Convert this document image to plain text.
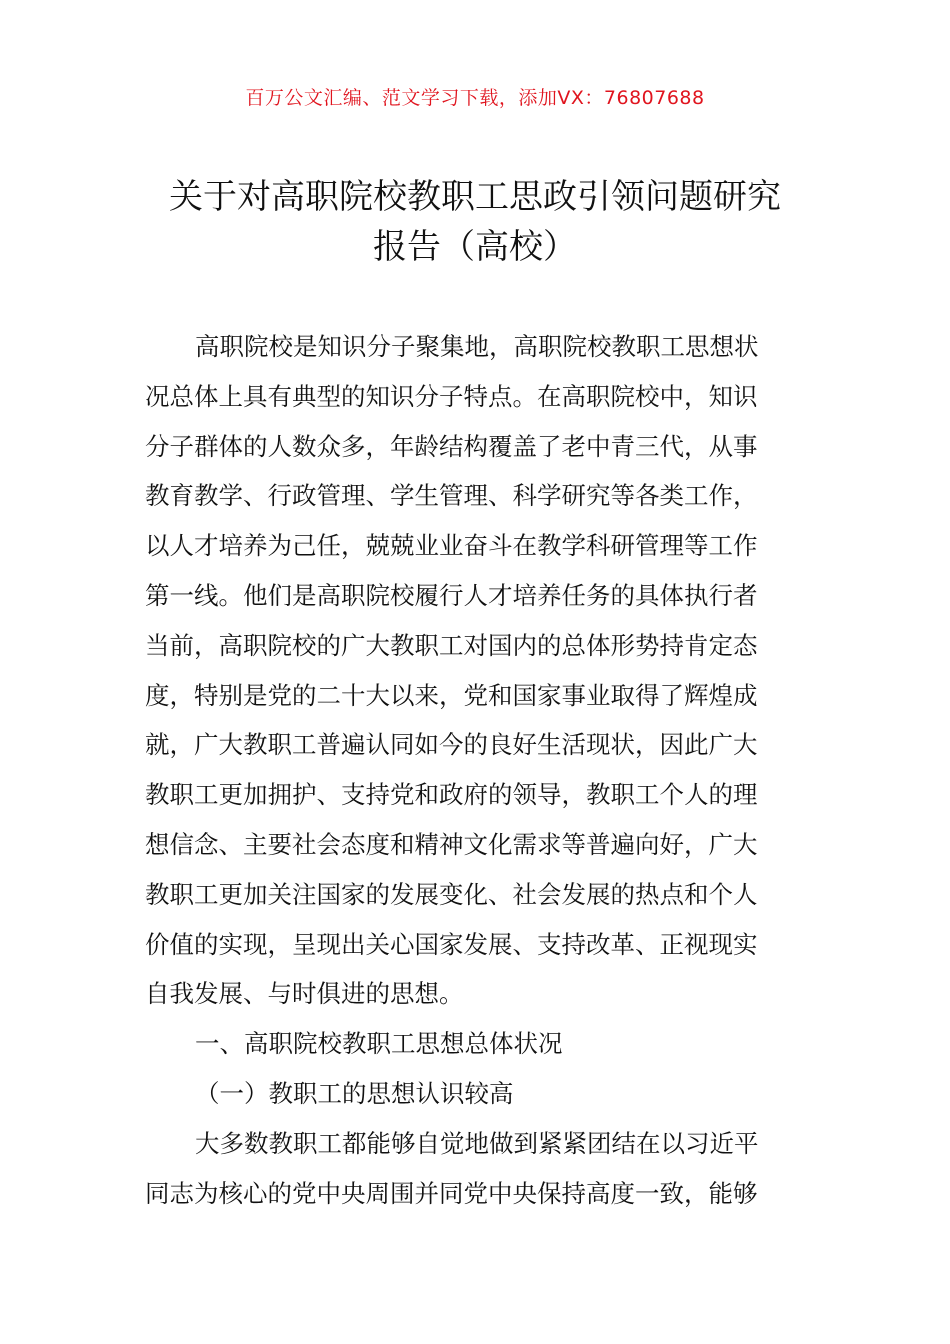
百万公文汇编、范文学习下载，添加VX：76807688
关于对高职院校教职工思政引领问题研究
报告（高校）
高职院校是知识分子聚集地，高职院校教职工思想状
况总体上具有典型的知识分子特点。在高职院校中，知识
分子群体的人数众多，年龄结构覆盖了老中青三代，从事
教育教学、行政管理、学生管理、科学研究等各类工作，
以人才培养为己任，兢兢业业奋斗在教学科研管理等工作
第一线。他们是高职院校履行人才培养任务的具体执行者
当前，高职院校的广大教职工对国内的总体形势持肯定态
度，特别是党的二十大以来，党和国家事业取得了辉煌成
就，广大教职工普遍认同如今的良好生活现状，因此广大
教职工更加拥护、支持党和政府的领导，教职工个人的理
想信念、主要社会态度和精神文化需求等普遍向好，广大
教职工更加关注国家的发展变化、社会发展的热点和个人
价值的实现，呈现出关心国家发展、支持改革、正视现实
自我发展、与时俱进的思想。
一、高职院校教职工思想总体状况
（一）教职工的思想认识较高
大多数教职工都能够自觉地做到紧紧团结在以习近平
同志为核心的党中央周围并同党中央保持高度一致，能够
